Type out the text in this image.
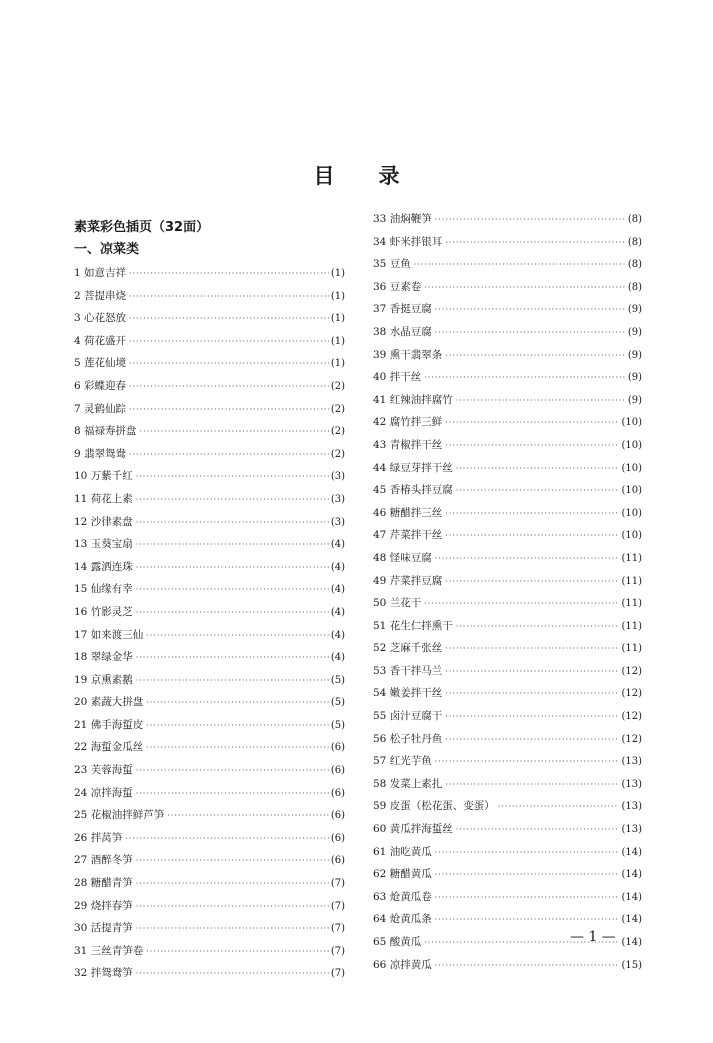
目 录
素菜彩色插页（32面）
一、凉菜类
1 如意吉祥 ·····	(1)
2 菩提串烧 ·····	(1)
3 心花怒放 ·····	(1)
4 荷花盛开 ·····	(1)
5 莲花仙境 ·····	(1)
6 彩蝶迎春 ·····	(2)
7 灵鹤仙踪 ·····	(2)
8 福禄寿拼盘 ·····	(2)
9 翡翠鸳鸯 ·····	(2)
10 万紫千红 ·····	(3)
11 荷花上素 ·····	(3)
12 沙律素盘 ·····	(3)
13 玉葵宝扇 ·····	(4)
14 露洒连珠 ·····	(4)
15 仙缘有幸 ·····	(4)
16 竹影灵芝 ·····	(4)
17 如来渡三仙 ·····	(4)
18 翠绿金华 ·····	(4)
19 京熏素鹅 ·····	(5)
20 素蔬大拼盘 ·····	(5)
21 佛手海蜇皮 ·····	(5)
22 海蜇金瓜丝 ·····	(6)
23 芙蓉海蜇 ·····	(6)
24 凉拌海蜇 ·····	(6)
25 花椒油拌鲜芦笋 ·····	(6)
26 拌莴笋 ·····	(6)
27 酒醉冬笋 ·····	(6)
28 糖醋青笋 ·····	(7)
29 烧拌春笋 ·····	(7)
30 活提青笋 ·····	(7)
31 三丝青笋卷 ·····	(7)
32 拌鸳鸯笋 ·····	(7)
33 油焖鞭笋 ·····	(8)
34 虾米拌银耳 ·····	(8)
35 豆鱼 ·····	(8)
36 豆素卷 ·····	(8)
37 香挺豆腐 ·····	(9)
38 水晶豆腐 ·····	(9)
39 熏干翡翠条 ·····	(9)
40 拌干丝 ·····	(9)
41 红辣油拌腐竹 ·····	(9)
42 腐竹拌三鲜 ·····	(10)
43 青椒拌干丝 ·····	(10)
44 绿豆芽拌干丝 ·····	(10)
45 香椿头拌豆腐 ·····	(10)
46 糖醋拌三丝 ·····	(10)
47 芹菜拌干丝 ·····	(10)
48 怪味豆腐 ·····	(11)
49 芹菜拌豆腐 ·····	(11)
50 兰花干 ·····	(11)
51 花生仁拌熏干 ·····	(11)
52 芝麻千张丝 ·····	(11)
53 香干拌马兰 ·····	(12)
54 嫩姜拌干丝 ·····	(12)
55 卤汁豆腐干 ·····	(12)
56 松子牡丹鱼 ·····	(12)
57 红光芋鱼 ·····	(13)
58 发菜上素扎 ·····	(13)
59 皮蛋（松花蛋、变蛋） ·····	(13)
60 黄瓜拌海蜇丝 ·····	(13)
61 油吃黄瓜 ·····	(14)
62 糖醋黄瓜 ·····	(14)
63 炝黄瓜卷 ·····	(14)
64 炝黄瓜条 ·····	(14)
65 酸黄瓜 ·····	(14)
66 凉拌黄瓜 ·····	(15)
— 1 —
